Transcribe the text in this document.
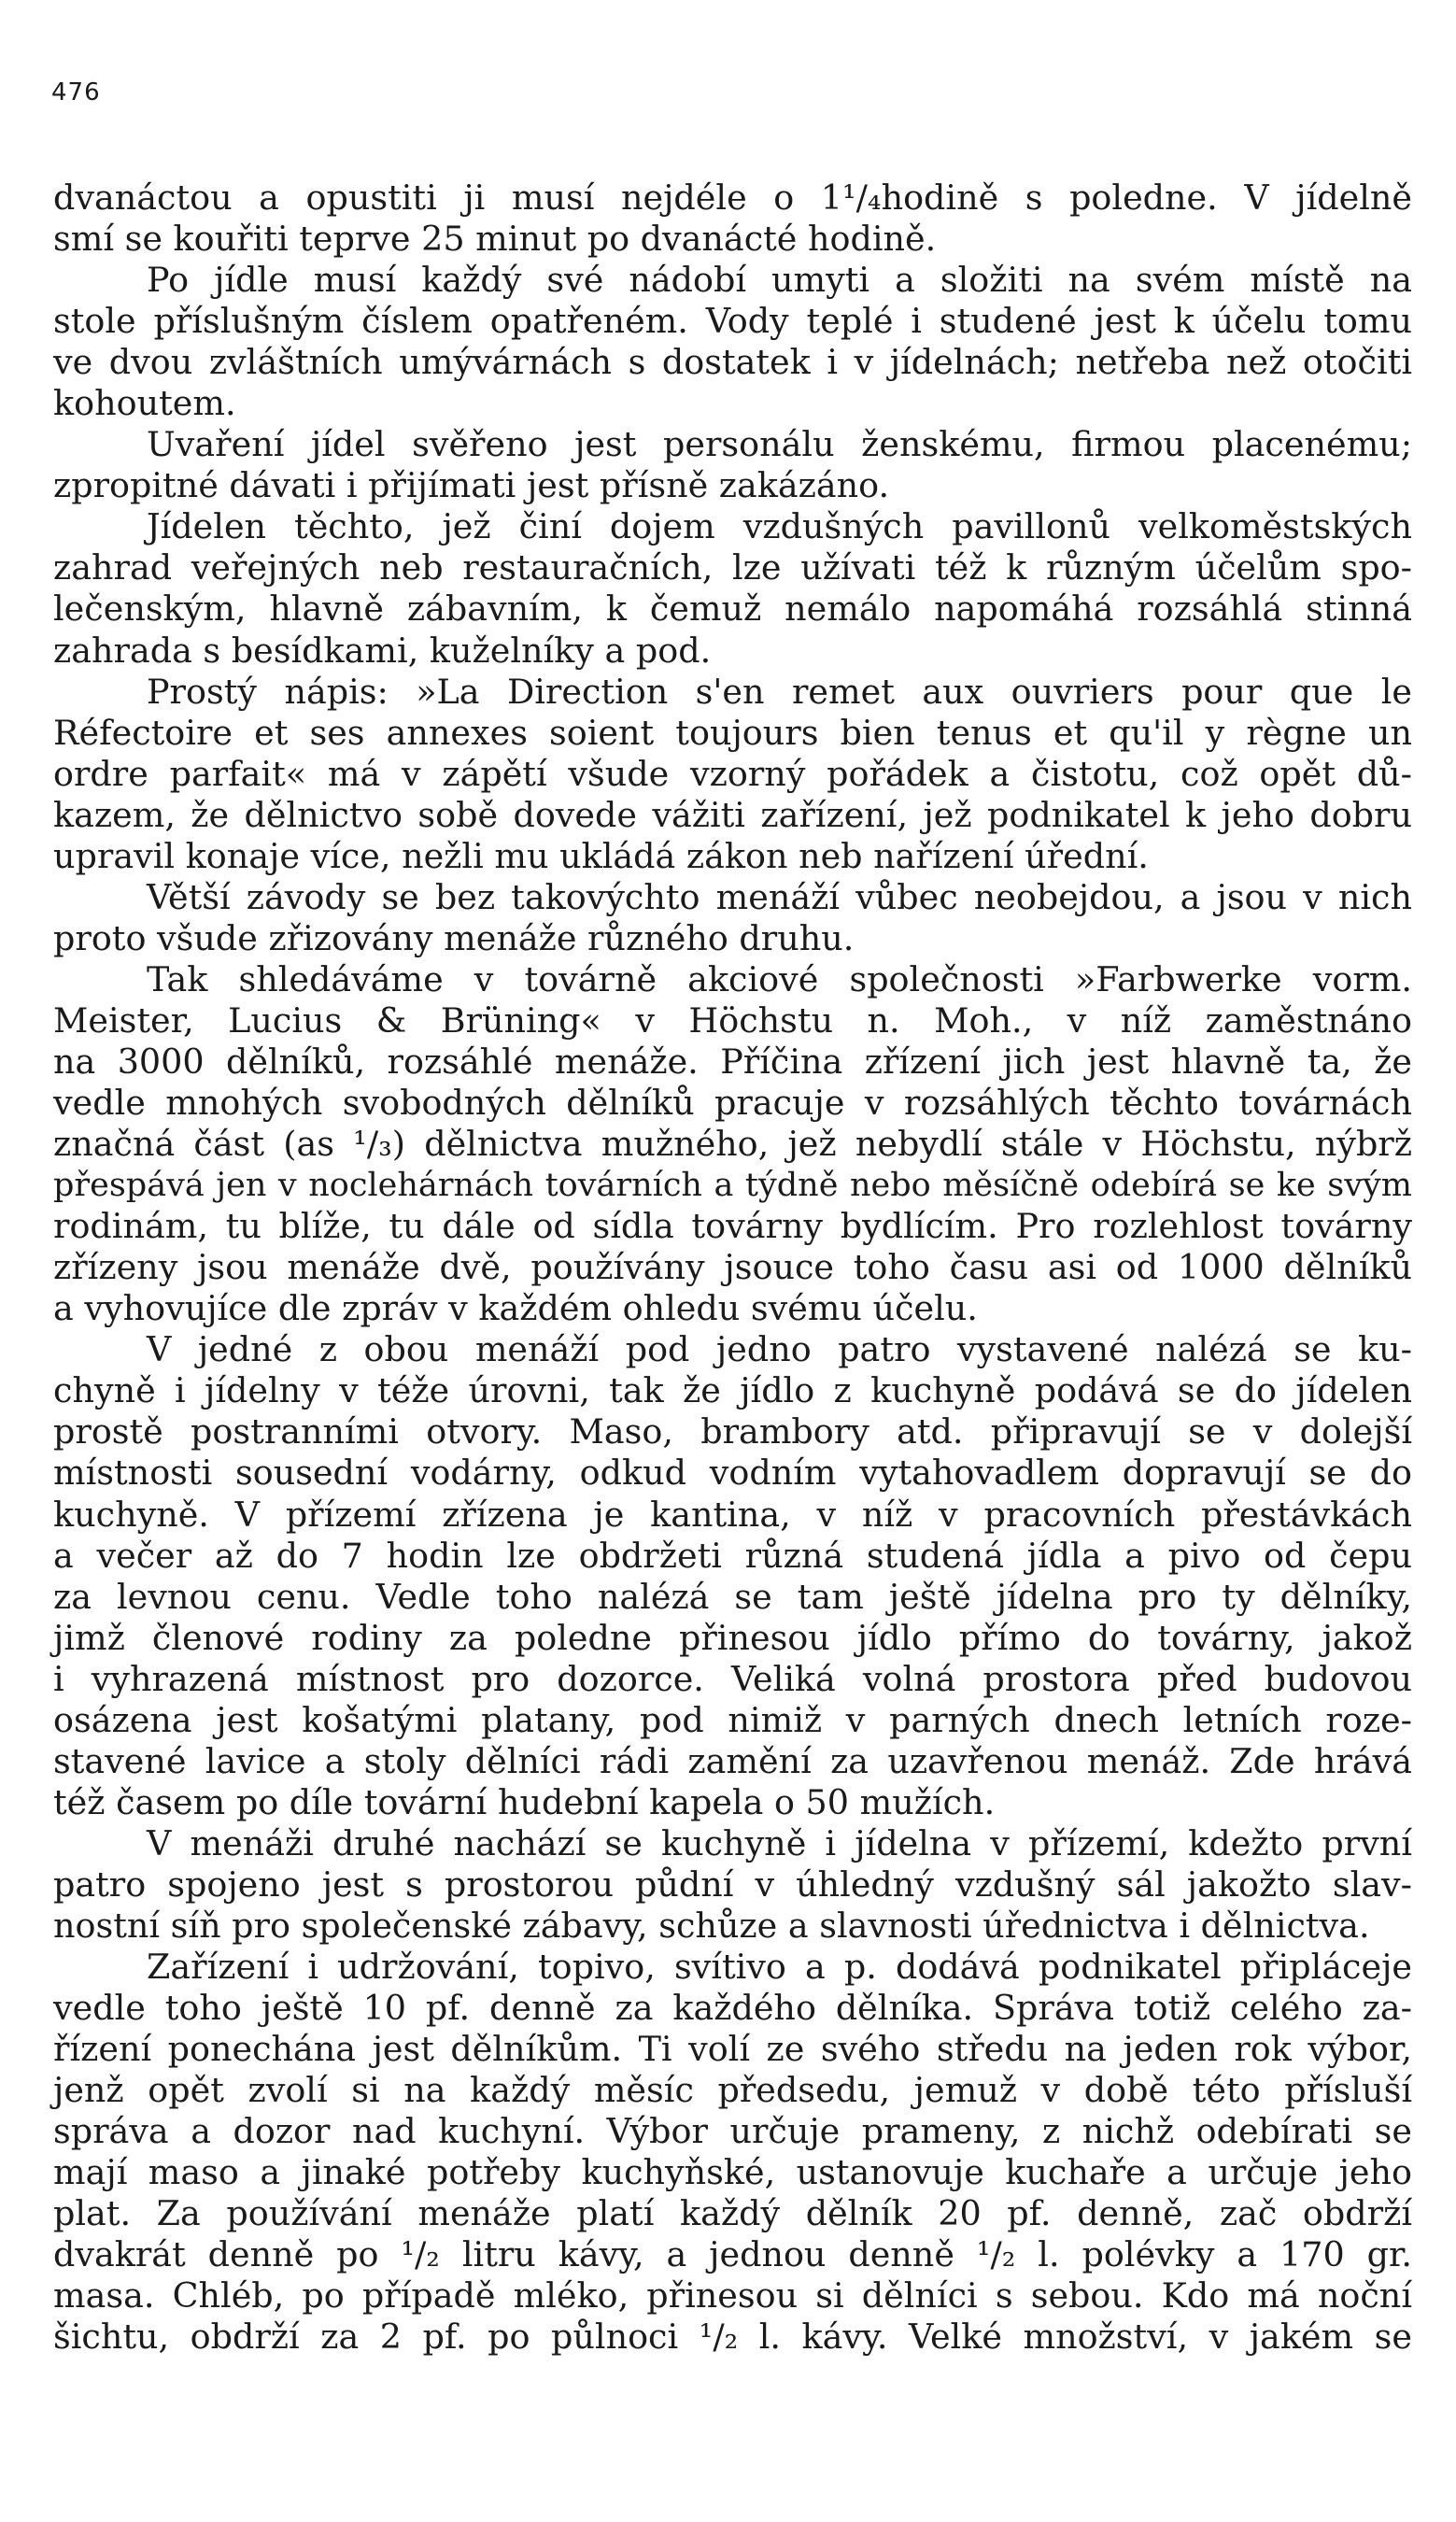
476
dvanáctou a opustiti ji musí nejdéle o 1¹/₄hodině s poledne. V jídelně
smí se kouřiti teprve 25 minut po dvanácté hodině.
Po jídle musí každý své nádobí umyti a složiti na svém místě na
stole příslušným číslem opatřeném. Vody teplé i studené jest k účelu tomu
ve dvou zvláštních umývárnách s dostatek i v jídelnách; netřeba než otočiti
kohoutem.
Uvaření jídel svěřeno jest personálu ženskému, firmou placenému;
zpropitné dávati i přijímati jest přísně zakázáno.
Jídelen těchto, jež činí dojem vzdušných pavillonů velkoměstských
zahrad veřejných neb restauračních, lze užívati též k různým účelům spo-
lečenským, hlavně zábavním, k čemuž nemálo napomáhá rozsáhlá stinná
zahrada s besídkami, kuželníky a pod.
Prostý nápis: »La Direction s'en remet aux ouvriers pour que le
Réfectoire et ses annexes soient toujours bien tenus et qu'il y règne un
ordre parfait« má v zápětí všude vzorný pořádek a čistotu, což opět dů-
kazem, že dělnictvo sobě dovede vážiti zařízení, jež podnikatel k jeho dobru
upravil konaje více, nežli mu ukládá zákon neb nařízení úřední.
Větší závody se bez takovýchto menáží vůbec neobejdou, a jsou v nich
proto všude zřizovány menáže různého druhu.
Tak shledáváme v továrně akciové společnosti »Farbwerke vorm.
Meister, Lucius & Brüning« v Höchstu n. Moh., v níž zaměstnáno
na 3000 dělníků, rozsáhlé menáže. Příčina zřízení jich jest hlavně ta, že
vedle mnohých svobodných dělníků pracuje v rozsáhlých těchto továrnách
značná část (as ¹/₃) dělnictva mužného, jež nebydlí stále v Höchstu, nýbrž
přespává jen v noclehárnách továrních a týdně nebo měsíčně odebírá se ke svým
rodinám, tu blíže, tu dále od sídla továrny bydlícím. Pro rozlehlost továrny
zřízeny jsou menáže dvě, používány jsouce toho času asi od 1000 dělníků
a vyhovujíce dle zpráv v každém ohledu svému účelu.
V jedné z obou menáží pod jedno patro vystavené nalézá se ku-
chyně i jídelny v téže úrovni, tak že jídlo z kuchyně podává se do jídelen
prostě postranními otvory. Maso, brambory atd. připravují se v dolejší
místnosti sousední vodárny, odkud vodním vytahovadlem dopravují se do
kuchyně. V přízemí zřízena je kantina, v níž v pracovních přestávkách
a večer až do 7 hodin lze obdržeti různá studená jídla a pivo od čepu
za levnou cenu. Vedle toho nalézá se tam ještě jídelna pro ty dělníky,
jimž členové rodiny za poledne přinesou jídlo přímo do továrny, jakož
i vyhrazená místnost pro dozorce. Veliká volná prostora před budovou
osázena jest košatými platany, pod nimiž v parných dnech letních roze-
stavené lavice a stoly dělníci rádi zamění za uzavřenou menáž. Zde hrává
též časem po díle tovární hudební kapela o 50 mužích.
V menáži druhé nachází se kuchyně i jídelna v přízemí, kdežto první
patro spojeno jest s prostorou půdní v úhledný vzdušný sál jakožto slav-
nostní síň pro společenské zábavy, schůze a slavnosti úřednictva i dělnictva.
Zařízení i udržování, topivo, svítivo a p. dodává podnikatel připláceje
vedle toho ještě 10 pf. denně za každého dělníka. Správa totiž celého za-
řízení ponechána jest dělníkům. Ti volí ze svého středu na jeden rok výbor,
jenž opět zvolí si na každý měsíc předsedu, jemuž v době této přísluší
správa a dozor nad kuchyní. Výbor určuje prameny, z nichž odebírati se
mají maso a jinaké potřeby kuchyňské, ustanovuje kuchaře a určuje jeho
plat. Za používání menáže platí každý dělník 20 pf. denně, zač obdrží
dvakrát denně po ¹/₂ litru kávy, a jednou denně ¹/₂ l. polévky a 170 gr.
masa. Chléb, po případě mléko, přinesou si dělníci s sebou. Kdo má noční
šichtu, obdrží za 2 pf. po půlnoci ¹/₂ l. kávy. Velké množství, v jakém se
